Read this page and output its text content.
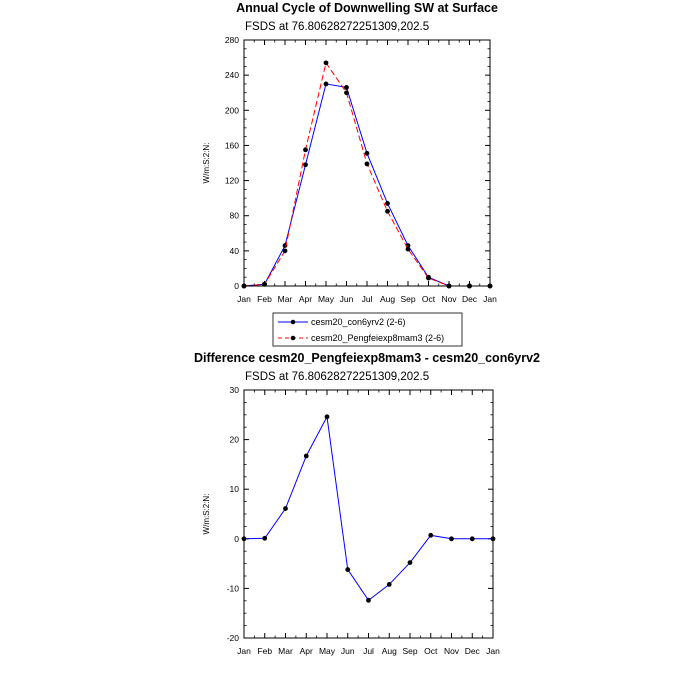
Annual Cycle of Downwelling SW at Surface
FSDS at 76.80628272251309,202.5
W/m:S:2:N:
Jan Feb Mar Apr May Jun Jul Aug Sep Oct Nov Dec Jan
0
40
80
120
160
200
240
280
cesm20_con6yrv2 (2-6)
cesm20_Pengfeiexp8mam3 (2-6)
Difference cesm20_Pengfeiexp8mam3 - cesm20_con6yrv2
FSDS at 76.80628272251309,202.5
W/m:S:2:N:
Jan Feb Mar Apr May Jun Jul Aug Sep Oct Nov Dec Jan
-20
-10
0
10
20
30
